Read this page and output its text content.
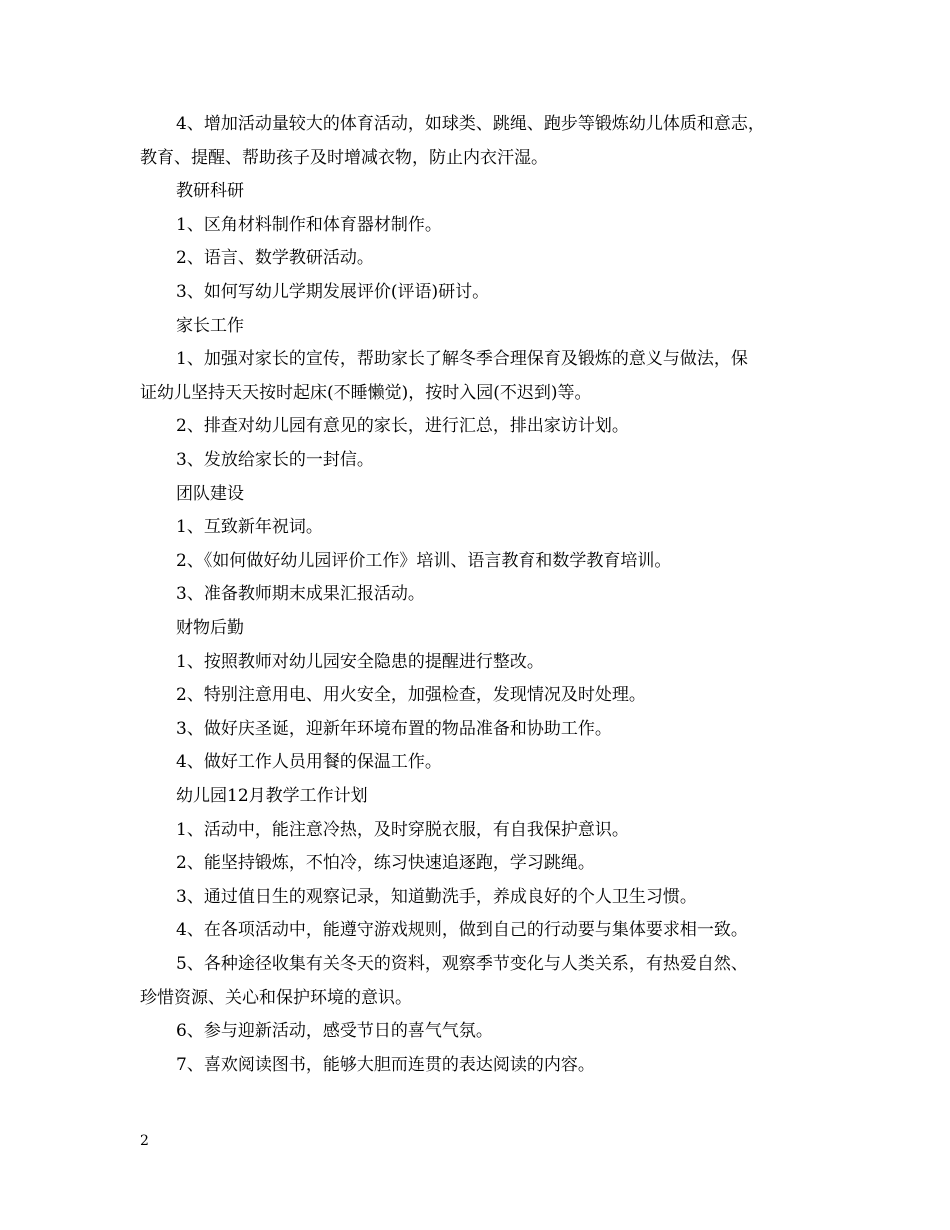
4、增加活动量较大的体育活动，如球类、跳绳、跑步等锻炼幼儿体质和意志，
教育、提醒、帮助孩子及时增减衣物，防止内衣汗湿。
教研科研
1、区角材料制作和体育器材制作。
2、语言、数学教研活动。
3、如何写幼儿学期发展评价(评语)研讨。
家长工作
1、加强对家长的宣传，帮助家长了解冬季合理保育及锻炼的意义与做法，保
证幼儿坚持天天按时起床(不睡懒觉)，按时入园(不迟到)等。
2、排查对幼儿园有意见的家长，进行汇总，排出家访计划。
3、发放给家长的一封信。
团队建设
1、互致新年祝词。
2、《如何做好幼儿园评价工作》培训、语言教育和数学教育培训。
3、准备教师期末成果汇报活动。
财物后勤
1、按照教师对幼儿园安全隐患的提醒进行整改。
2、特别注意用电、用火安全，加强检查，发现情况及时处理。
3、做好庆圣诞，迎新年环境布置的物品准备和协助工作。
4、做好工作人员用餐的保温工作。
幼儿园12月教学工作计划
1、活动中，能注意冷热，及时穿脱衣服，有自我保护意识。
2、能坚持锻炼，不怕冷，练习快速追逐跑，学习跳绳。
3、通过值日生的观察记录，知道勤洗手，养成良好的个人卫生习惯。
4、在各项活动中，能遵守游戏规则，做到自己的行动要与集体要求相一致。
5、各种途径收集有关冬天的资料，观察季节变化与人类关系，有热爱自然、
珍惜资源、关心和保护环境的意识。
6、参与迎新活动，感受节日的喜气气氛。
7、喜欢阅读图书，能够大胆而连贯的表达阅读的内容。
2
